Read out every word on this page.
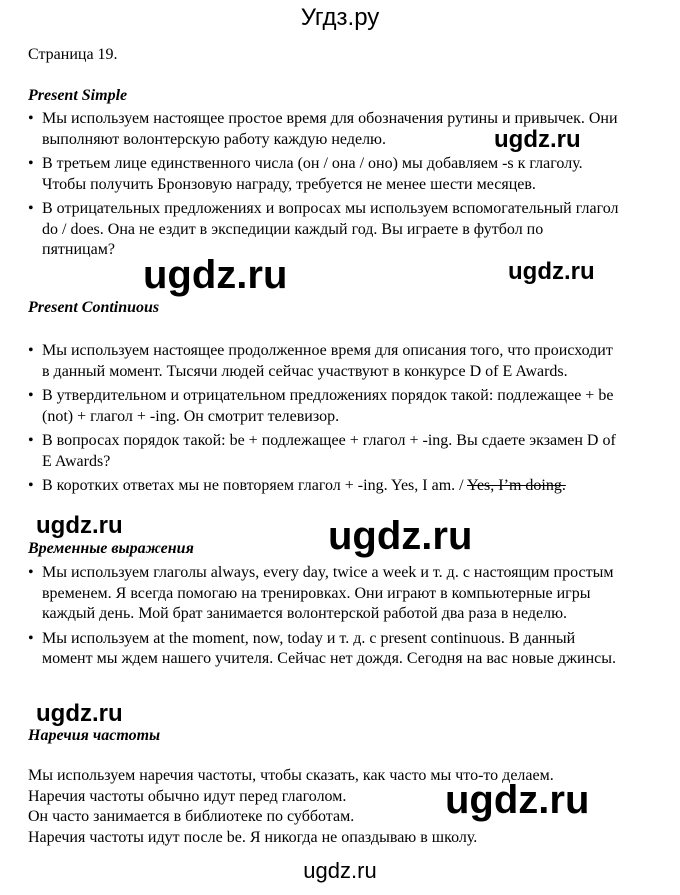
Угдз.ру
Страница 19.
Present Simple
• Мы используем настоящее простое время для обозначения рутины и привычек. Они выполняют волонтерскую работу каждую неделю.
• В третьем лице единственного числа (он / она / оно) мы добавляем -s к глаголу. Чтобы получить Бронзовую награду, требуется не менее шести месяцев.
• В отрицательных предложениях и вопросах мы используем вспомогательный глагол do / does. Она не ездит в экспедиции каждый год. Вы играете в футбол по пятницам?
Present Continuous
• Мы используем настоящее продолженное время для описания того, что происходит в данный момент. Тысячи людей сейчас участвуют в конкурсе D of E Awards.
• В утвердительном и отрицательном предложениях порядок такой: подлежащее + be (not) + глагол + -ing. Он смотрит телевизор.
• В вопросах порядок такой: be + подлежащее + глагол + -ing. Вы сдаете экзамен D of E Awards?
• В коротких ответах мы не повторяем глагол + -ing. Yes, I am. / Yes, I’m doing.
Временные выражения
• Мы используем глаголы always, every day, twice a week и т. д. с настоящим простым временем. Я всегда помогаю на тренировках. Они играют в компьютерные игры каждый день. Мой брат занимается волонтерской работой два раза в неделю.
• Мы используем at the moment, now, today и т. д. с present continuous. В данный момент мы ждем нашего учителя. Сейчас нет дождя. Сегодня на вас новые джинсы.
Наречия частоты
Мы используем наречия частоты, чтобы сказать, как часто мы что-то делаем.
Наречия частоты обычно идут перед глаголом.
Он часто занимается в библиотеке по субботам.
Наречия частоты идут после be. Я никогда не опаздываю в школу.
ugdz.ru
ugdz.ru	ugdz.ru
ugdz.ru	ugdz.ru
ugdz.ru
ugdz.ru
ugdz.ru
